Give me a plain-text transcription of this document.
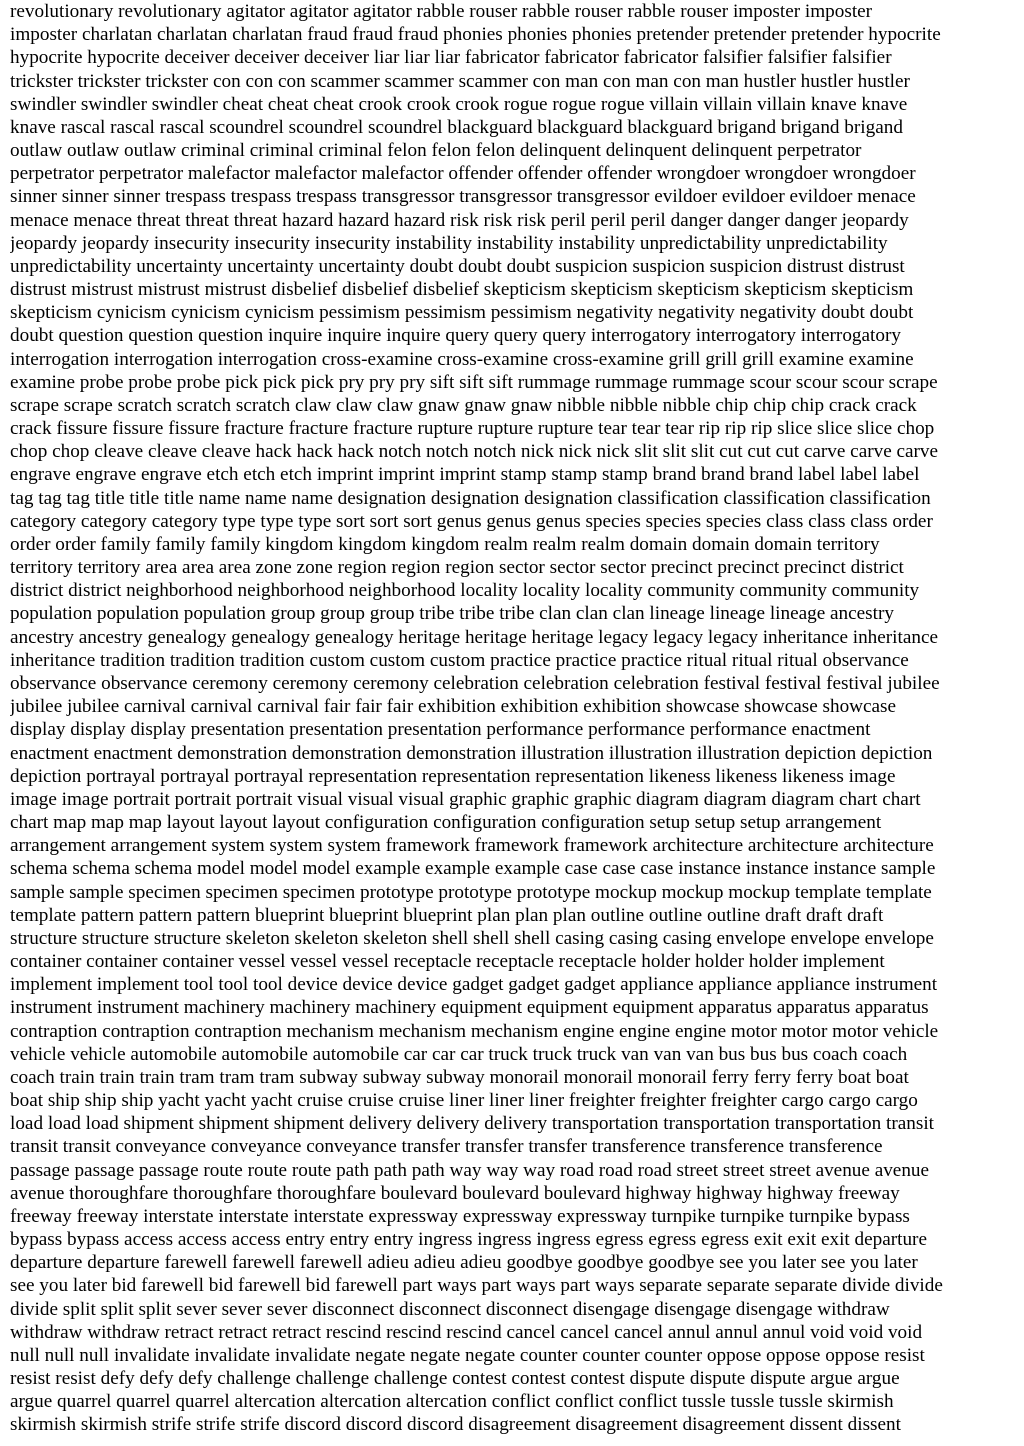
revolutionary revolutionary agitator agitator agitator rabble rouser rabble rouser rabble rouser imposter imposter
imposter charlatan charlatan charlatan fraud fraud fraud phonies phonies phonies pretender pretender pretender hypocrite
hypocrite hypocrite deceiver deceiver deceiver liar liar liar fabricator fabricator fabricator falsifier falsifier falsifier
trickster trickster trickster con con con scammer scammer scammer con man con man con man hustler hustler hustler
swindler swindler swindler cheat cheat cheat crook crook crook rogue rogue rogue villain villain villain knave knave
knave rascal rascal rascal scoundrel scoundrel scoundrel blackguard blackguard blackguard brigand brigand brigand
outlaw outlaw outlaw criminal criminal criminal felon felon felon delinquent delinquent delinquent perpetrator
perpetrator perpetrator malefactor malefactor malefactor offender offender offender wrongdoer wrongdoer wrongdoer
sinner sinner sinner trespass trespass trespass transgressor transgressor transgressor evildoer evildoer evildoer menace
menace menace threat threat threat hazard hazard hazard risk risk risk peril peril peril danger danger danger jeopardy
jeopardy jeopardy insecurity insecurity insecurity instability instability instability unpredictability unpredictability
unpredictability uncertainty uncertainty uncertainty doubt doubt doubt suspicion suspicion suspicion distrust distrust
distrust mistrust mistrust mistrust disbelief disbelief disbelief skepticism skepticism skepticism skepticism skepticism
skepticism cynicism cynicism cynicism pessimism pessimism pessimism negativity negativity negativity doubt doubt
doubt question question question inquire inquire inquire query query query interrogatory interrogatory interrogatory
interrogation interrogation interrogation cross-examine cross-examine cross-examine grill grill grill examine examine
examine probe probe probe pick pick pick pry pry pry sift sift sift rummage rummage rummage scour scour scour scrape
scrape scrape scratch scratch scratch claw claw claw gnaw gnaw gnaw nibble nibble nibble chip chip chip crack crack
crack fissure fissure fissure fracture fracture fracture rupture rupture rupture tear tear tear rip rip rip slice slice slice chop
chop chop cleave cleave cleave hack hack hack notch notch notch nick nick nick slit slit slit cut cut cut carve carve carve
engrave engrave engrave etch etch etch imprint imprint imprint stamp stamp stamp brand brand brand label label label
tag tag tag title title title name name name designation designation designation classification classification classification
category category category type type type sort sort sort genus genus genus species species species class class class order
order order family family family kingdom kingdom kingdom realm realm realm domain domain domain territory
territory territory area area area zone zone region region region sector sector sector precinct precinct precinct district
district district neighborhood neighborhood neighborhood locality locality locality community community community
population population population group group group tribe tribe tribe clan clan clan lineage lineage lineage ancestry
ancestry ancestry genealogy genealogy genealogy heritage heritage heritage legacy legacy legacy inheritance inheritance
inheritance tradition tradition tradition custom custom custom practice practice practice ritual ritual ritual observance
observance observance ceremony ceremony ceremony celebration celebration celebration festival festival festival jubilee
jubilee jubilee carnival carnival carnival fair fair fair exhibition exhibition exhibition showcase showcase showcase
display display display presentation presentation presentation performance performance performance enactment
enactment enactment demonstration demonstration demonstration illustration illustration illustration depiction depiction
depiction portrayal portrayal portrayal representation representation representation likeness likeness likeness image
image image portrait portrait portrait visual visual visual graphic graphic graphic diagram diagram diagram chart chart
chart map map map layout layout layout configuration configuration configuration setup setup setup arrangement
arrangement arrangement system system system framework framework framework architecture architecture architecture
schema schema schema model model model example example example case case case instance instance instance sample
sample sample specimen specimen specimen prototype prototype prototype mockup mockup mockup template template
template pattern pattern pattern blueprint blueprint blueprint plan plan plan outline outline outline draft draft draft
structure structure structure skeleton skeleton skeleton shell shell shell casing casing casing envelope envelope envelope
container container container vessel vessel vessel receptacle receptacle receptacle holder holder holder implement
implement implement tool tool tool device device device gadget gadget gadget appliance appliance appliance instrument
instrument instrument machinery machinery machinery equipment equipment equipment apparatus apparatus apparatus
contraption contraption contraption mechanism mechanism mechanism engine engine engine motor motor motor vehicle
vehicle vehicle automobile automobile automobile car car car truck truck truck van van van bus bus bus coach coach
coach train train train tram tram tram subway subway subway monorail monorail monorail ferry ferry ferry boat boat
boat ship ship ship yacht yacht yacht cruise cruise cruise liner liner liner freighter freighter freighter cargo cargo cargo
load load load shipment shipment shipment delivery delivery delivery transportation transportation transportation transit
transit transit conveyance conveyance conveyance transfer transfer transfer transference transference transference
passage passage passage route route route path path path way way way road road road street street street avenue avenue
avenue thoroughfare thoroughfare thoroughfare boulevard boulevard boulevard highway highway highway freeway
freeway freeway interstate interstate interstate expressway expressway expressway turnpike turnpike turnpike bypass
bypass bypass access access access entry entry entry ingress ingress ingress egress egress egress exit exit exit departure
departure departure farewell farewell farewell adieu adieu adieu goodbye goodbye goodbye see you later see you later
see you later bid farewell bid farewell bid farewell part ways part ways part ways separate separate separate divide divide
divide split split split sever sever sever disconnect disconnect disconnect disengage disengage disengage withdraw
withdraw withdraw retract retract retract rescind rescind rescind cancel cancel cancel annul annul annul void void void
null null null invalidate invalidate invalidate negate negate negate counter counter counter oppose oppose oppose resist
resist resist defy defy defy challenge challenge challenge contest contest contest dispute dispute dispute argue argue
argue quarrel quarrel quarrel altercation altercation altercation conflict conflict conflict tussle tussle tussle skirmish
skirmish skirmish strife strife strife discord discord discord disagreement disagreement disagreement dissent dissent
